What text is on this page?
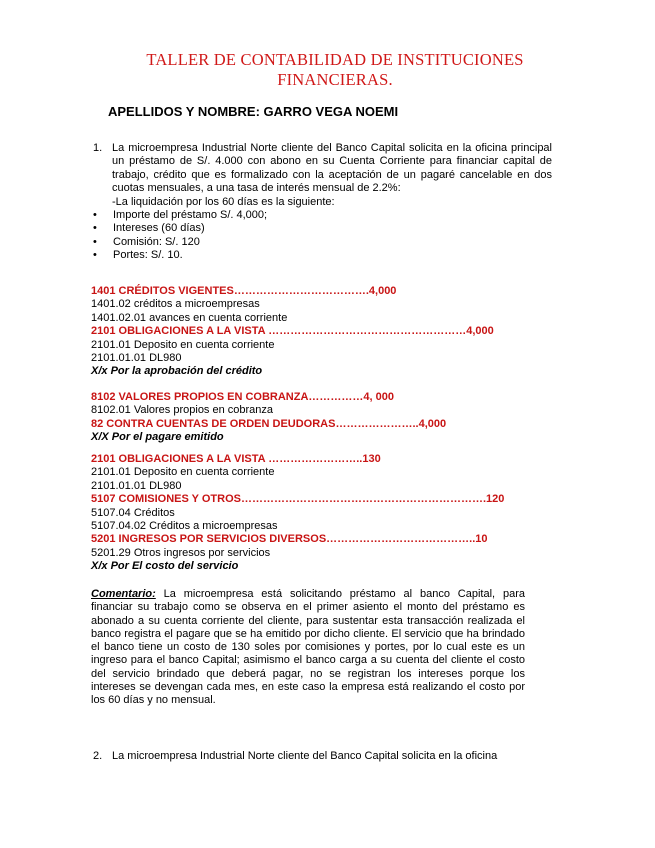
TALLER DE CONTABILIDAD DE INSTITUCIONES
FINANCIERAS.
APELLIDOS Y NOMBRE: GARRO VEGA NOEMI
1. La microempresa Industrial Norte cliente del Banco Capital solicita en la oficina principal un préstamo de S/. 4.000 con abono en su Cuenta Corriente para financiar capital de trabajo, crédito que es formalizado con la aceptación de un pagaré cancelable en dos cuotas mensuales, a una tasa de interés mensual de 2.2%:
-La liquidación por los 60 días es la siguiente:
• Importe del préstamo S/. 4,000;
• Intereses (60 días)
• Comisión: S/. 120
• Portes: S/. 10.
1401 CRÉDITOS VIGENTES……………………………….4,000
1401.02 créditos a microempresas
1401.02.01 avances en cuenta corriente
2101 OBLIGACIONES A LA VISTA ………………………………………………4,000
2101.01 Deposito en cuenta corriente
2101.01.01 DL980
X/x Por la aprobación del crédito
8102 VALORES PROPIOS EN COBRANZA……………4, 000
8102.01 Valores propios en cobranza
82 CONTRA CUENTAS DE ORDEN DEUDORAS…………………..4,000
X/X Por el pagare emitido
2101 OBLIGACIONES A LA VISTA ……………………..130
2101.01 Deposito en cuenta corriente
2101.01.01 DL980
5107 COMISIONES Y OTROS………………………………………………………….120
5107.04 Créditos
5107.04.02 Créditos a microempresas
5201 INGRESOS POR SERVICIOS DIVERSOS…………………………………..10
5201.29 Otros ingresos por servicios
X/x Por El costo del servicio
Comentario: La microempresa está solicitando préstamo al banco Capital, para financiar su trabajo como se observa en el primer asiento el monto del préstamo es abonado a su cuenta corriente del cliente, para sustentar esta transacción realizada el banco registra el pagare que se ha emitido por dicho cliente. El servicio que ha brindado el banco tiene un costo de 130 soles por comisiones y portes, por lo cual este es un ingreso para el banco Capital; asimismo el banco carga a su cuenta del cliente el costo del servicio brindado que deberá pagar, no se registran los intereses porque los intereses se devengan cada mes, en este caso la empresa está realizando el costo por los 60 días y no mensual.
2. La microempresa Industrial Norte cliente del Banco Capital solicita en la oficina
